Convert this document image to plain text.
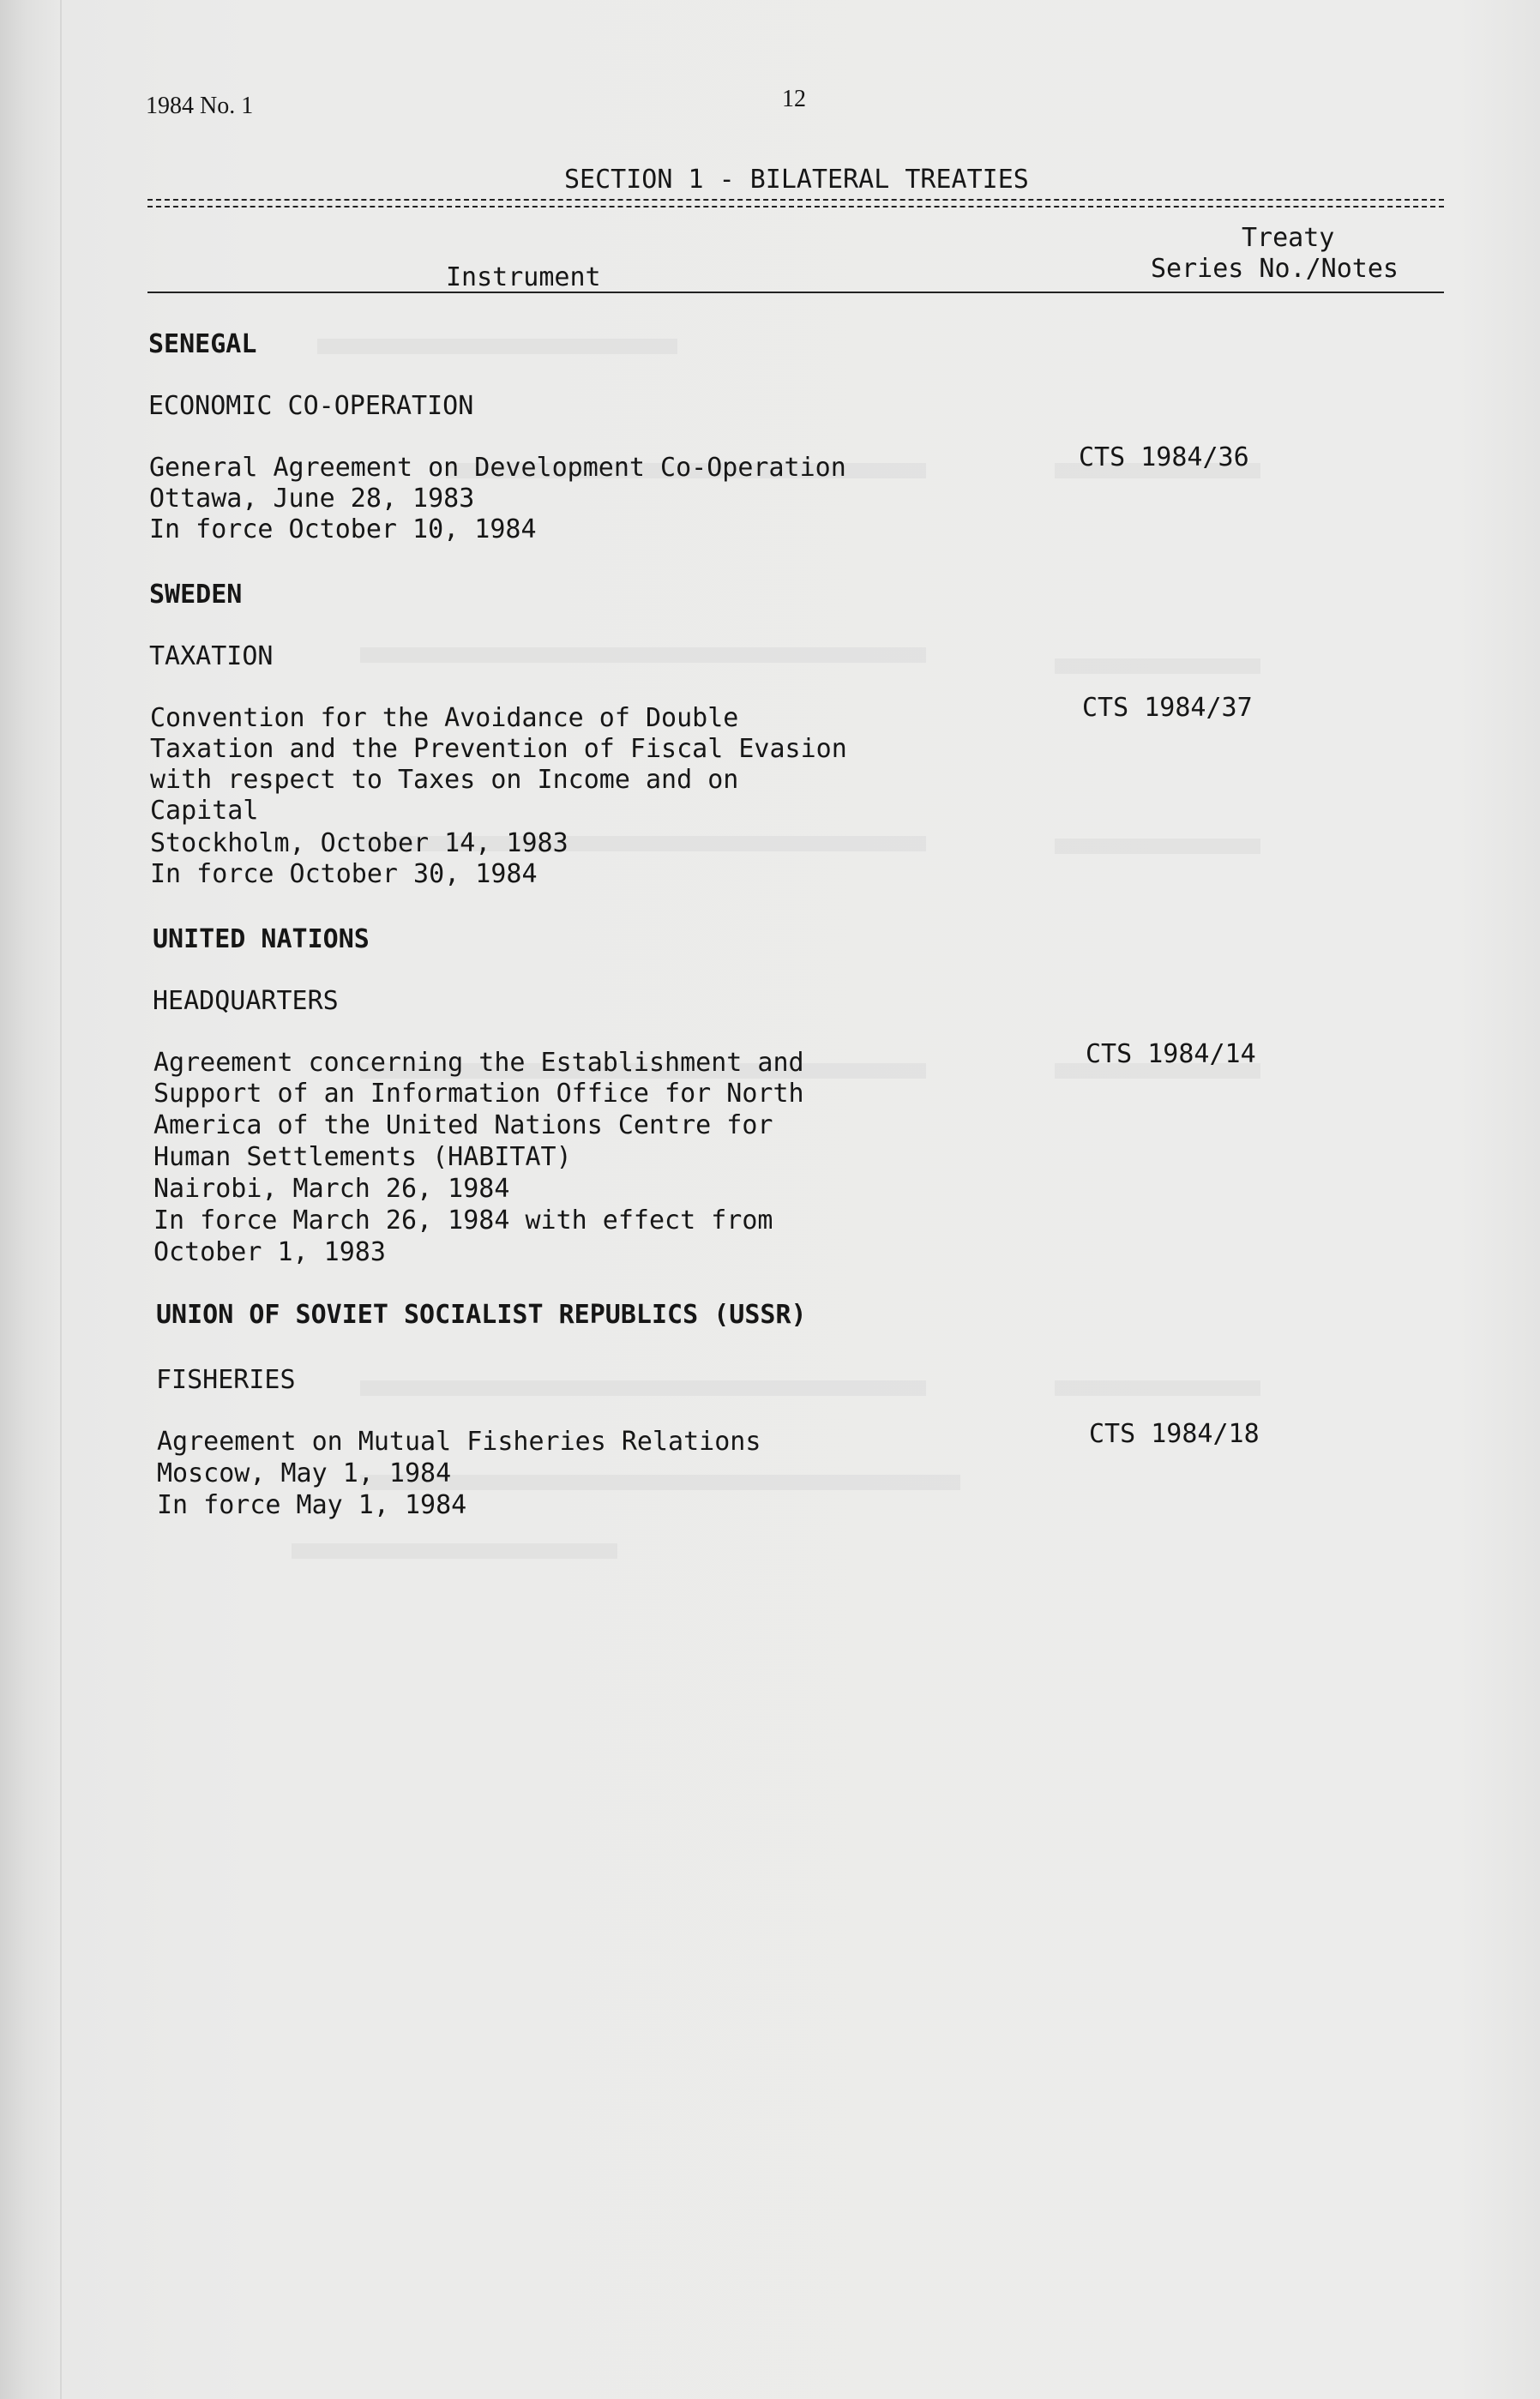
1984 No. 1	12
SECTION 1 - BILATERAL TREATIES
Treaty
Series No./Notes
Instrument
SENEGAL
ECONOMIC CO-OPERATION
General Agreement on Development Co-Operation
Ottawa, June 28, 1983
In force October 10, 1984
CTS 1984/36
SWEDEN
TAXATION
Convention for the Avoidance of Double
Taxation and the Prevention of Fiscal Evasion
with respect to Taxes on Income and on
Capital
Stockholm, October 14, 1983
In force October 30, 1984
CTS 1984/37
UNITED NATIONS
HEADQUARTERS
Agreement concerning the Establishment and
Support of an Information Office for North
America of the United Nations Centre for
Human Settlements (HABITAT)
Nairobi, March 26, 1984
In force March 26, 1984 with effect from
October 1, 1983
CTS 1984/14
UNION OF SOVIET SOCIALIST REPUBLICS (USSR)
FISHERIES
Agreement on Mutual Fisheries Relations
Moscow, May 1, 1984
In force May 1, 1984
CTS 1984/18
